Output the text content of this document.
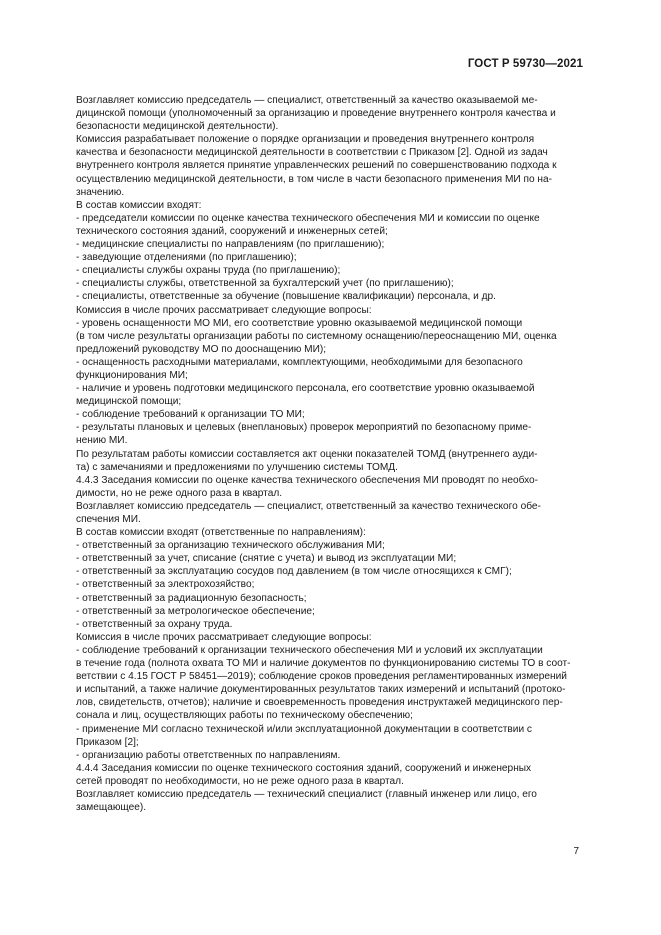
ГОСТ Р 59730—2021
Возглавляет комиссию председатель — специалист, ответственный за качество оказываемой ме-
дицинской помощи (уполномоченный за организацию и проведение внутреннего контроля качества и
безопасности медицинской деятельности).
Комиссия разрабатывает положение о порядке организации и проведения внутреннего контроля
качества и безопасности медицинской деятельности в соответствии с Приказом [2]. Одной из задач
внутреннего контроля является принятие управленческих решений по совершенствованию подхода к
осуществлению медицинской деятельности, в том числе в части безопасного применения МИ по на-
значению.
В состав комиссии входят:
- председатели комиссии по оценке качества технического обеспечения МИ и комиссии по оценке
технического состояния зданий, сооружений и инженерных сетей;
- медицинские специалисты по направлениям (по приглашению);
- заведующие отделениями (по приглашению);
- специалисты службы охраны труда (по приглашению);
- специалисты службы, ответственной за бухгалтерский учет (по приглашению);
- специалисты, ответственные за обучение (повышение квалификации) персонала, и др.
Комиссия в числе прочих рассматривает следующие вопросы:
- уровень оснащенности МО МИ, его соответствие уровню оказываемой медицинской помощи
(в том числе результаты организации работы по системному оснащению/переоснащению МИ, оценка
предложений руководству МО по дооснащению МИ);
- оснащенность расходными материалами, комплектующими, необходимыми для безопасного
функционирования МИ;
- наличие и уровень подготовки медицинского персонала, его соответствие уровню оказываемой
медицинской помощи;
- соблюдение требований к организации ТО МИ;
- результаты плановых и целевых (внеплановых) проверок мероприятий по безопасному приме-
нению МИ.
По результатам работы комиссии составляется акт оценки показателей ТОМД (внутреннего ауди-
та) с замечаниями и предложениями по улучшению системы ТОМД.
4.4.3 Заседания комиссии по оценке качества технического обеспечения МИ проводят по необхо-
димости, но не реже одного раза в квартал.
Возглавляет комиссию председатель — специалист, ответственный за качество технического обе-
спечения МИ.
В состав комиссии входят (ответственные по направлениям):
- ответственный за организацию технического обслуживания МИ;
- ответственный за учет, списание (снятие с учета) и вывод из эксплуатации МИ;
- ответственный за эксплуатацию сосудов под давлением (в том числе относящихся к СМГ);
- ответственный за электрохозяйство;
- ответственный за радиационную безопасность;
- ответственный за метрологическое обеспечение;
- ответственный за охрану труда.
Комиссия в числе прочих рассматривает следующие вопросы:
- соблюдение требований к организации технического обеспечения МИ и условий их эксплуатации
в течение года (полнота охвата ТО МИ и наличие документов по функционированию системы ТО в соот-
ветствии с 4.15 ГОСТ Р 58451—2019); соблюдение сроков проведения регламентированных измерений
и испытаний, а также наличие документированных результатов таких измерений и испытаний (протоко-
лов, свидетельств, отчетов); наличие и своевременность проведения инструктажей медицинского пер-
сонала и лиц, осуществляющих работы по техническому обеспечению;
- применение МИ согласно технической и/или эксплуатационной документации в соответствии с
Приказом [2];
- организацию работы ответственных по направлениям.
4.4.4 Заседания комиссии по оценке технического состояния зданий, сооружений и инженерных
сетей проводят по необходимости, но не реже одного раза в квартал.
Возглавляет комиссию председатель — технический специалист (главный инженер или лицо, его
замещающее).
7
